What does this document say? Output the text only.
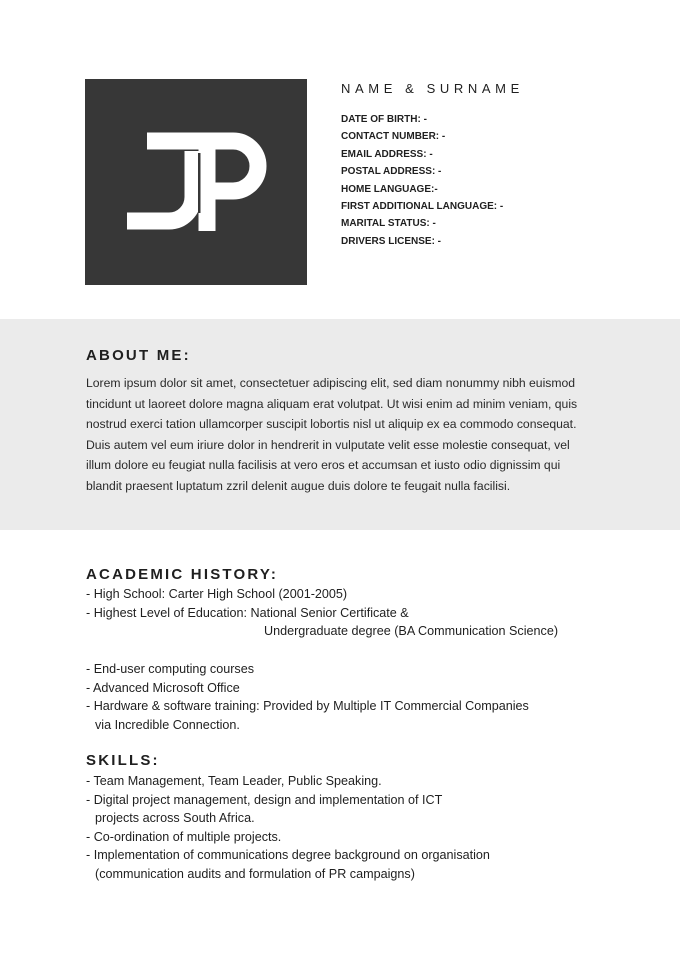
NAME & SURNAME
DATE OF BIRTH: -
CONTACT NUMBER: -
EMAIL ADDRESS: -
POSTAL ADDRESS: -
HOME LANGUAGE:-
FIRST ADDITIONAL LANGUAGE: -
MARITAL STATUS: -
DRIVERS LICENSE: -
ABOUT ME:
Lorem ipsum dolor sit amet, consectetuer adipiscing elit, sed diam nonummy nibh euismod
tincidunt ut laoreet dolore magna aliquam erat volutpat. Ut wisi enim ad minim veniam, quis
nostrud exerci tation ullamcorper suscipit lobortis nisl ut aliquip ex ea commodo consequat.
Duis autem vel eum iriure dolor in hendrerit in vulputate velit esse molestie consequat, vel
illum dolore eu feugiat nulla facilisis at vero eros et accumsan et iusto odio dignissim qui
blandit praesent luptatum zzril delenit augue duis dolore te feugait nulla facilisi.
ACADEMIC HISTORY:
- High School: Carter High School (2001-2005)
- Highest Level of Education: National Senior Certificate &
Undergraduate degree (BA Communication Science)
- End-user computing courses
- Advanced Microsoft Office
- Hardware & software training: Provided by Multiple IT Commercial Companies
via Incredible Connection.
SKILLS:
- Team Management, Team Leader, Public Speaking.
- Digital project management, design and implementation of ICT
projects across South Africa.
- Co-ordination of multiple projects.
- Implementation of communications degree background on organisation
(communication audits and formulation of PR campaigns)
